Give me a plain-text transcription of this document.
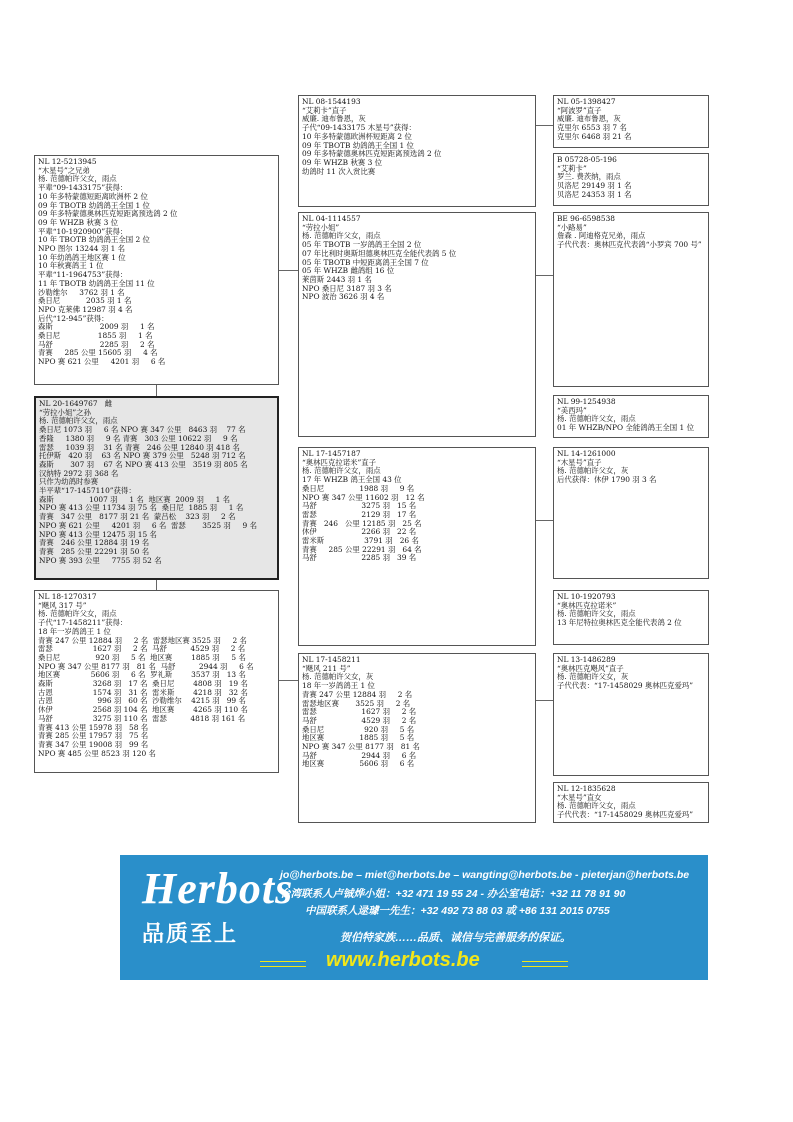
NL 20-1649767   雌
“劳拉小姐”之孙
杨. 范德帕许父女，雨点
桑日尼 1073 羽     6 名 NPO 赛 347 公里   8463 羽    77 名
香隆     1380 羽     9 名 青赛   303 公里 10622 羽     9 名
雷瑟     1039 羽    31 名 青赛   246 公里 12840 羽 418 名
托伊斯   420 羽    63 名 NPO 赛 379 公里   5248 羽 712 名
森斯       307 羽    67 名 NPO 赛 413 公里   3519 羽 805 名
汉纳特 2972 羽 368 名
只作为幼鸽时参赛
半平辈“17-1457110”获得：
森斯               1007 羽     1 名  地区赛  2009 羽     1 名
NPO 赛 413 公里 11734 羽 75 名  桑日尼  1885 羽     1 名
青赛   347 公里   8177 羽 21 名  蒙吕松    323 羽     2 名
NPO 赛 621 公里     4201 羽     6 名  雷瑟       3525 羽     9 名
NPO 赛 413 公里 12475 羽 15 名
青赛   246 公里 12884 羽 19 名
青赛   285 公里 22291 羽 50 名
NPO 赛 393 公里     7755 羽 52 名
NL 12-5213945
“木星号”之兄弟
杨. 范德帕许父女，雨点
平辈“09-1433175”获得：
10 年多特蒙德短距离欧洲杯 2 位
09 年 TBOTB 幼鸽鸽王全国 1 位
09 年多特蒙德奥林匹克短距离预选鸽 2 位
09 年 WHZB 秋赛 3 位
平辈“10-1920900”获得：
10 年 TBOTB 幼鸽鸽王全国 2 位
NPO 图尔 13244 羽 1 名
10 年幼鸽鸽王地区赛 1 位
10 年秋赛鸽王 1 位
平辈“11-1964753”获得：
11 年 TBOTB 幼鸽鸽王全国 11 位
沙勒维尔     3762 羽 1 名
桑日尼           2035 羽 1 名
NPO 克莱佛 12987 羽 4 名
后代“12-945”获得：
森斯                    2009 羽     1 名
桑日尼                1855 羽     1 名
马舒                    2285 羽     2 名
青赛     285 公里 15605 羽     4 名
NPO 赛 621 公里     4201 羽     6 名
NL 18-1270317
“飓风 317 号”
杨. 范德帕许父女，雨点
子代“17-1458211”获得：
18 年一岁鸽鸽王 1 位
青赛 247 公里 12884 羽     2 名  雷瑟地区赛 3525 羽     2 名
雷瑟                 1627 羽     2 名  马舒          4529 羽     2 名
桑日尼               920 羽     5 名  地区赛        1885 羽     5 名
NPO 赛 347 公里 8177 羽   81 名  马舒          2944 羽     6 名
地区赛             5606 羽     6 名  罗礼斯        3537 羽   13 名
森斯                 3268 羽   17 名  桑日尼        4808 羽   19 名
古恩                 1574 羽   31 名  雷米斯        4218 羽   32 名
古恩                   996 羽   60 名  沙勒维尔    4215 羽   99 名
休伊                 2568 羽 104 名  地区赛        4265 羽 110 名
马舒                 3275 羽 110 名  雷瑟          4818 羽 161 名
青赛 413 公里 15978 羽   58 名
青赛 285 公里 17957 羽   75 名
青赛 347 公里 19008 羽   99 名
NPO 赛 485 公里 8523 羽 120 名
NL 08-1544193
“艾莉卡”直子
威廉. 迪布鲁恩，灰
子代“09-1433175 木星号”获得：
10 年多特蒙德欧洲杯短距离 2 位
09 年 TBOTB 幼鸽鸽王全国 1 位
09 年多特蒙德奥林匹克短距离预选鸽 2 位
09 年 WHZB 秋赛 3 位
幼鸽时 11 次入赏比赛
NL 04-1114557
“劳拉小姐”
杨. 范德帕许父女，雨点
05 年 TBOTB 一岁鸽鸽王全国 2 位
07 年比利时奥斯坦德奥林匹克全能代表鸽 5 位
05 年 TBOTB 中短距离鸽王全国 7 位
05 年 WHZB 雌鸽组 16 位
莱茵斯 2443 羽 1 名
NPO 桑日尼 3187 羽 3 名
NPO 波治 3626 羽 4 名
NL 17-1457187
“奥林匹克拉诺米”直子
杨. 范德帕许父女，雨点
17 年 WHZB 鸽王全国 43 位
桑日尼               1988 羽     9 名
NPO 赛 347 公里 11602 羽   12 名
马舒                   3275 羽   15 名
雷瑟                   2129 羽   17 名
青赛   246   公里 12185 羽   25 名
休伊                   2266 羽   22 名
雷米斯                 3791 羽   26 名
青赛     285 公里 22291 羽   64 名
马舒                   2285 羽   39 名
NL 17-1458211
“飓风 211 号”
杨. 范德帕许父女，灰
18 年一岁鸽鸽王 1 位
青赛 247 公里 12884 羽     2 名
雷瑟地区赛       3525 羽     2 名
雷瑟                   1627 羽     2 名
马舒                   4529 羽     2 名
桑日尼                 920 羽     5 名
地区赛               1885 羽     5 名
NPO 赛 347 公里 8177 羽   81 名
马舒                   2944 羽     6 名
地区赛               5606 羽     6 名
NL 05-1398427
“阿波罗”直子
威廉. 迪布鲁恩，灰
克里尔 6553 羽 7 名
克里尔 6468 羽 21 名
B 05728-05-196
“艾莉卡”
罗兰. 费茨纳，雨点
贝洛尼 29149 羽 1 名
贝洛尼 24353 羽 1 名
BE 96-6598538
“小路易”
詹森 . 阿迪格克兄弟，雨点
子代代表：奥林匹克代表鸽“小罗宾 700 号”
NL 99-1254938
“美西玛”
杨. 范德帕许父女，雨点
01 年 WHZB/NPO 全能鸽鸽王全国 1 位
NL 14-1261000
“木星号”直子
杨. 范德帕许父女，灰
后代获得：休伊 1790 羽 3 名
NL 10-1920793
“奥林匹克拉诺米”
杨. 范德帕许父女，雨点
13 年尼特拉奥林匹克全能代表鸽 2 位
NL 13-1486289
“奥林匹克飓风”直子
杨. 范德帕许父女，灰
子代代表：“17-1458029 奥林匹克爱玛”
NL 12-1835628
“木星号”直女
杨. 范德帕许父女，雨点
子代代表：“17-1458029 奥林匹克爱玛”
Herbots
品质至上
jo@herbots.be – miet@herbots.be – wangting@herbots.be - pieterjan@herbots.be
台湾联系人卢铖烨小姐：+32 471 19 55 24 - 办公室电话：+32 11 78 91 90
中国联系人逯璩一先生：+32 492 73 88 03 或 +86 131 2015 0755
贺伯特家族……品质、诚信与完善服务的保证。
www.herbots.be
